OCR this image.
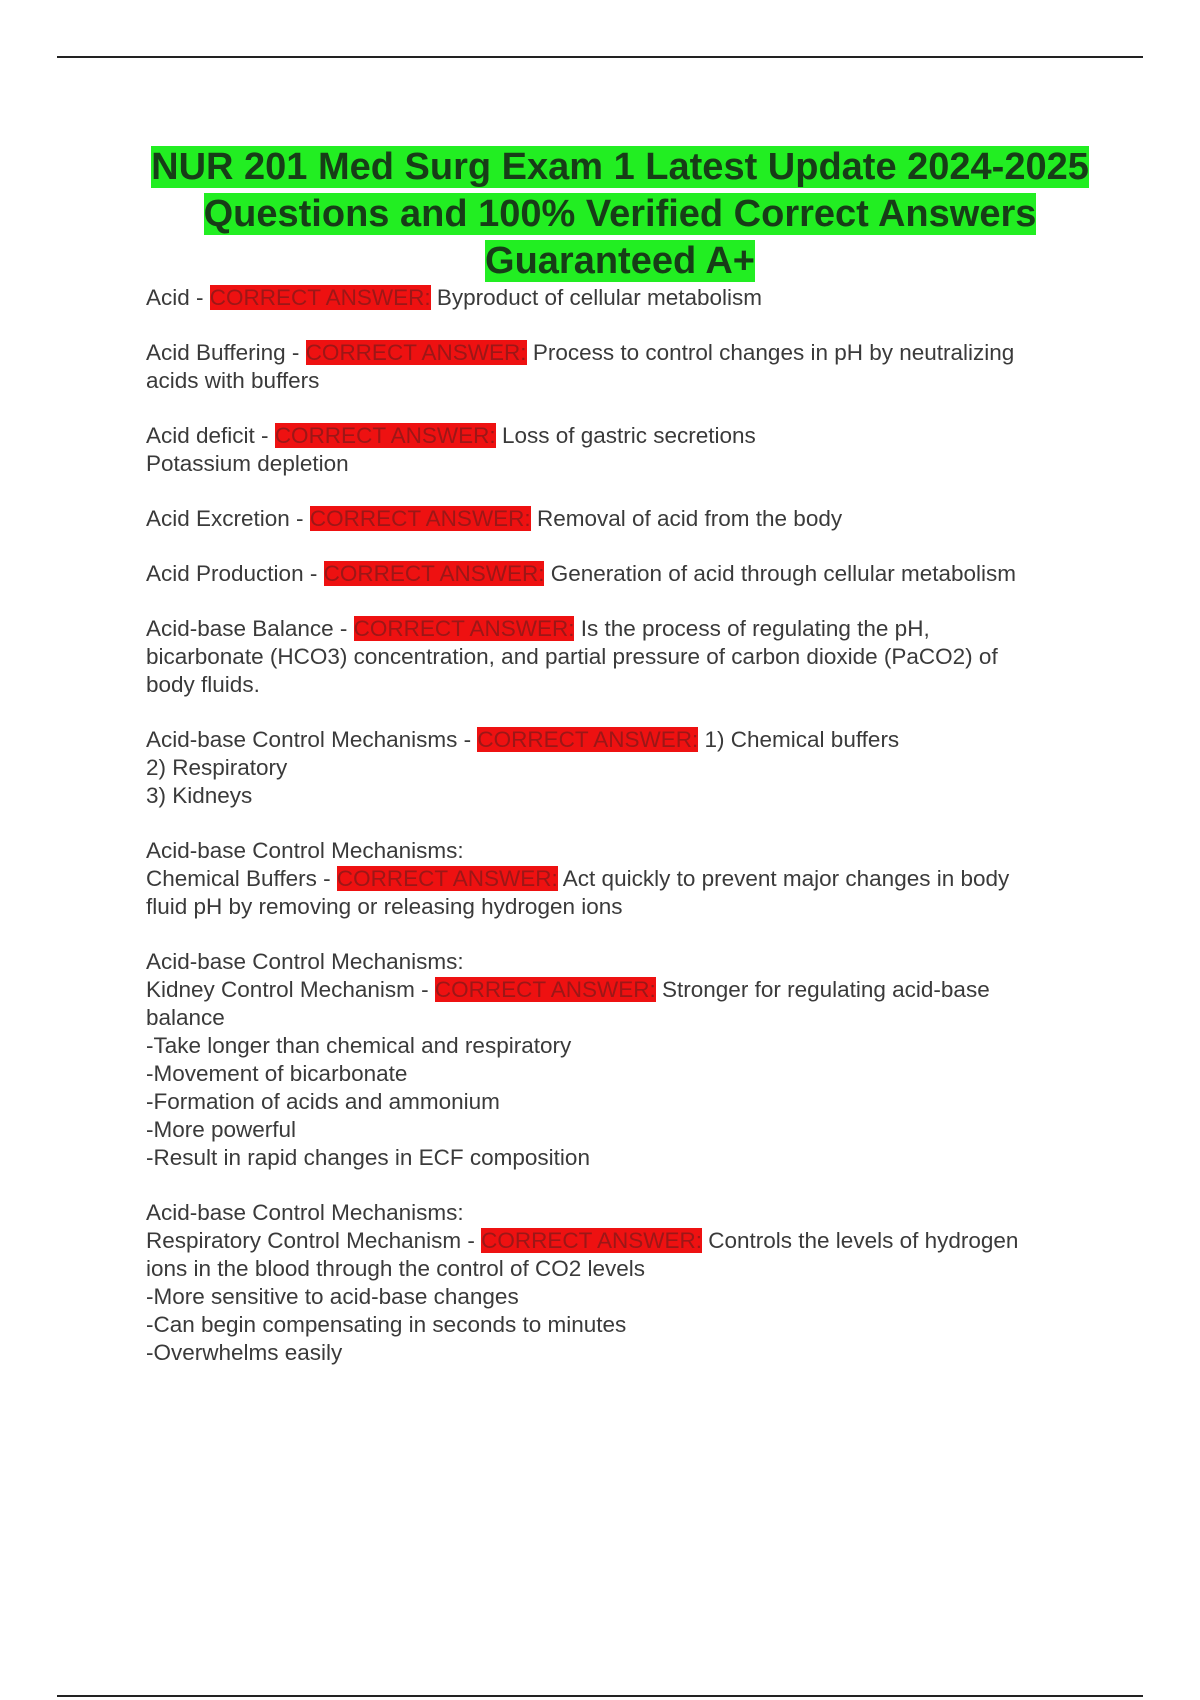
NUR 201 Med Surg Exam 1 Latest Update 2024-2025 Questions and 100% Verified Correct Answers Guaranteed A+
Acid - CORRECT ANSWER: Byproduct of cellular metabolism
Acid Buffering - CORRECT ANSWER: Process to control changes in pH by neutralizing
acids with buffers
Acid deficit - CORRECT ANSWER: Loss of gastric secretions
Potassium depletion
Acid Excretion - CORRECT ANSWER: Removal of acid from the body
Acid Production - CORRECT ANSWER: Generation of acid through cellular metabolism
Acid-base Balance - CORRECT ANSWER: Is the process of regulating the pH,
bicarbonate (HCO3) concentration, and partial pressure of carbon dioxide (PaCO2) of
body fluids.
Acid-base Control Mechanisms - CORRECT ANSWER: 1) Chemical buffers
2) Respiratory
3) Kidneys
Acid-base Control Mechanisms:
Chemical Buffers - CORRECT ANSWER: Act quickly to prevent major changes in body
fluid pH by removing or releasing hydrogen ions
Acid-base Control Mechanisms:
Kidney Control Mechanism - CORRECT ANSWER: Stronger for regulating acid-base
balance
-Take longer than chemical and respiratory
-Movement of bicarbonate
-Formation of acids and ammonium
-More powerful
-Result in rapid changes in ECF composition
Acid-base Control Mechanisms:
Respiratory Control Mechanism - CORRECT ANSWER: Controls the levels of hydrogen
ions in the blood through the control of CO2 levels
-More sensitive to acid-base changes
-Can begin compensating in seconds to minutes
-Overwhelms easily
